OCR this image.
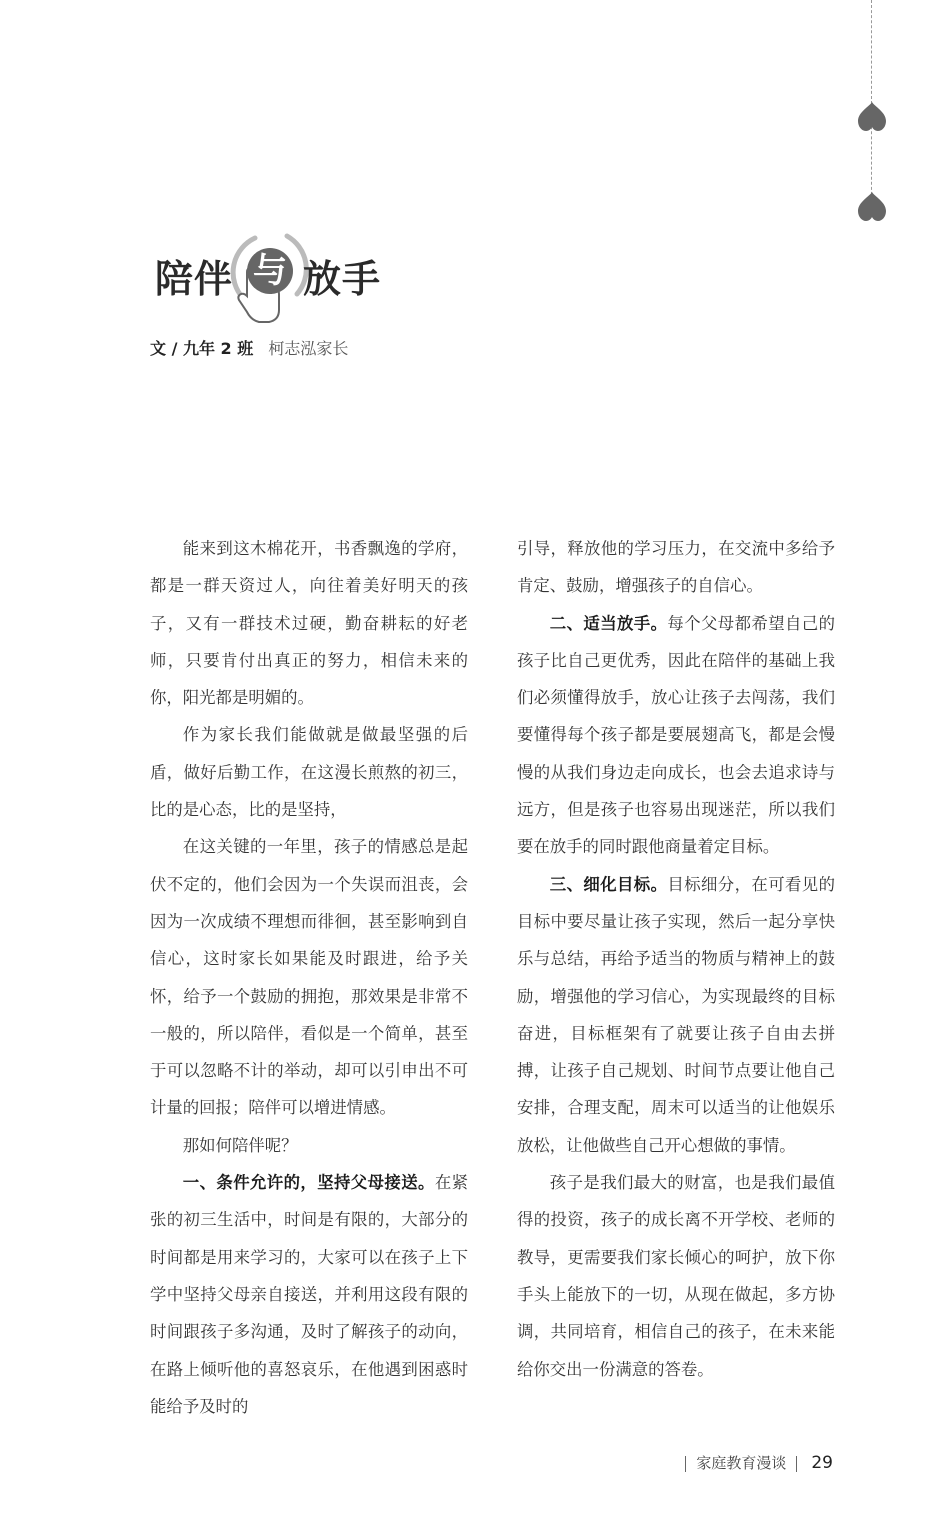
陪伴 与 放手
文 / 九年 2 班 柯志泓家长

能来到这木棉花开，书香飘逸的学府，都是一群天资过人，向往着美好明天的孩子，又有一群技术过硬，勤奋耕耘的好老师，只要肯付出真正的努力，相信未来的你，阳光都是明媚的。

作为家长我们能做就是做最坚强的后盾，做好后勤工作，在这漫长煎熬的初三，比的是心态，比的是坚持，

在这关键的一年里，孩子的情感总是起伏不定的，他们会因为一个失误而沮丧，会因为一次成绩不理想而徘徊，甚至影响到自信心，这时家长如果能及时跟进，给予关怀，给予一个鼓励的拥抱，那效果是非常不一般的，所以陪伴，看似是一个简单，甚至于可以忽略不计的举动，却可以引申出不可计量的回报；陪伴可以增进情感。

那如何陪伴呢？

一、条件允许的，坚持父母接送。在紧张的初三生活中，时间是有限的，大部分的时间都是用来学习的，大家可以在孩子上下学中坚持父母亲自接送，并利用这段有限的时间跟孩子多沟通，及时了解孩子的动向，在路上倾听他的喜怒哀乐，在他遇到困惑时能给予及时的

引导，释放他的学习压力，在交流中多给予肯定、鼓励，增强孩子的自信心。

二、适当放手。每个父母都希望自己的孩子比自己更优秀，因此在陪伴的基础上我们必须懂得放手，放心让孩子去闯荡，我们要懂得每个孩子都是要展翅高飞，都是会慢慢的从我们身边走向成长，也会去追求诗与远方，但是孩子也容易出现迷茫，所以我们要在放手的同时跟他商量着定目标。

三、细化目标。目标细分，在可看见的目标中要尽量让孩子实现，然后一起分享快乐与总结，再给予适当的物质与精神上的鼓励，增强他的学习信心，为实现最终的目标奋进，目标框架有了就要让孩子自由去拼搏，让孩子自己规划、时间节点要让他自己安排，合理支配，周末可以适当的让他娱乐放松，让他做些自己开心想做的事情。

孩子是我们最大的财富，也是我们最值得的投资，孩子的成长离不开学校、老师的教导，更需要我们家长倾心的呵护，放下你手头上能放下的一切，从现在做起，多方协调，共同培育，相信自己的孩子，在未来能给你交出一份满意的答卷。

家庭教育漫谈 29
